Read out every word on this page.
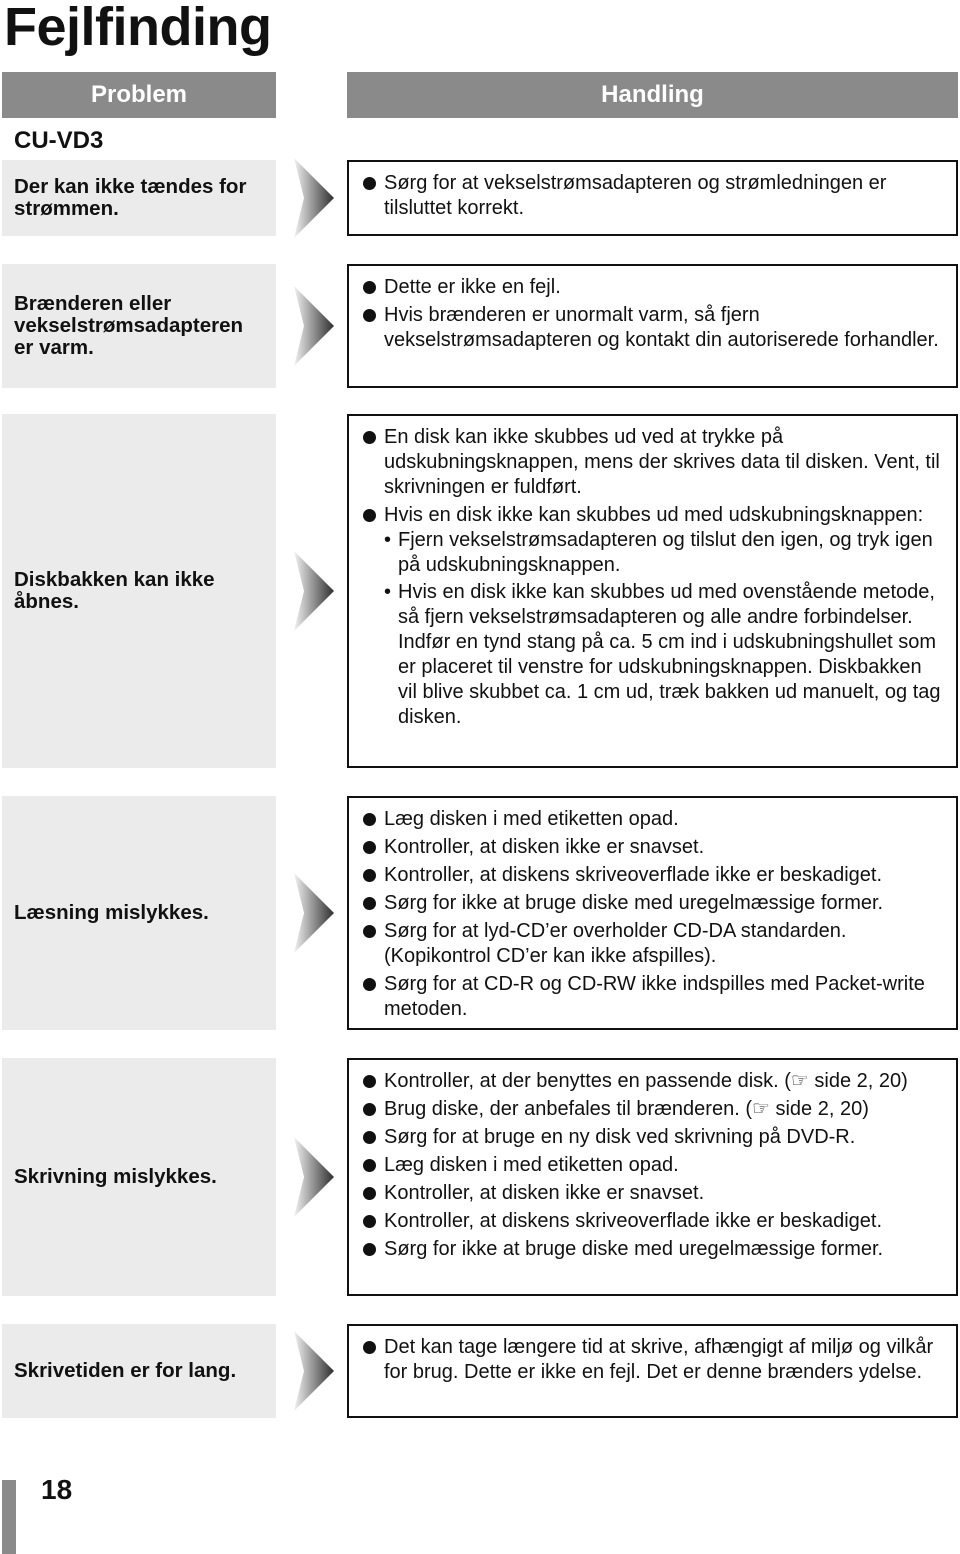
Fejlfinding
Problem	Handling
CU-VD3
Der kan ikke tændes for strømmen.
Sørg for at vekselstrømsadapteren og strømledningen er tilsluttet korrekt.
Brænderen eller vekselstrømsadapteren er varm.
Dette er ikke en fejl.
Hvis brænderen er unormalt varm, så fjern vekselstrømsadapteren og kontakt din autoriserede forhandler.
Diskbakken kan ikke åbnes.
En disk kan ikke skubbes ud ved at trykke på udskubningsknappen, mens der skrives data til disken. Vent, til skrivningen er fuldført.
Hvis en disk ikke kan skubbes ud med udskubningsknappen:
• Fjern vekselstrømsadapteren og tilslut den igen, og tryk igen på udskubningsknappen.
• Hvis en disk ikke kan skubbes ud med ovenstående metode, så fjern vekselstrømsadapteren og alle andre forbindelser. Indfør en tynd stang på ca. 5 cm ind i udskubningshullet som er placeret til venstre for udskubningsknappen. Diskbakken vil blive skubbet ca. 1 cm ud, træk bakken ud manuelt, og tag disken.
Læsning mislykkes.
Læg disken i med etiketten opad.
Kontroller, at disken ikke er snavset.
Kontroller, at diskens skriveoverflade ikke er beskadiget.
Sørg for ikke at bruge diske med uregelmæssige former.
Sørg for at lyd-CD’er overholder CD-DA standarden. (Kopikontrol CD’er kan ikke afspilles).
Sørg for at CD-R og CD-RW ikke indspilles med Packet-write metoden.
Skrivning mislykkes.
Kontroller, at der benyttes en passende disk. (☞ side 2, 20)
Brug diske, der anbefales til brænderen. (☞ side 2, 20)
Sørg for at bruge en ny disk ved skrivning på DVD-R.
Læg disken i med etiketten opad.
Kontroller, at disken ikke er snavset.
Kontroller, at diskens skriveoverflade ikke er beskadiget.
Sørg for ikke at bruge diske med uregelmæssige former.
Skrivetiden er for lang.
Det kan tage længere tid at skrive, afhængigt af miljø og vilkår for brug. Dette er ikke en fejl. Det er denne brænders ydelse.
18
